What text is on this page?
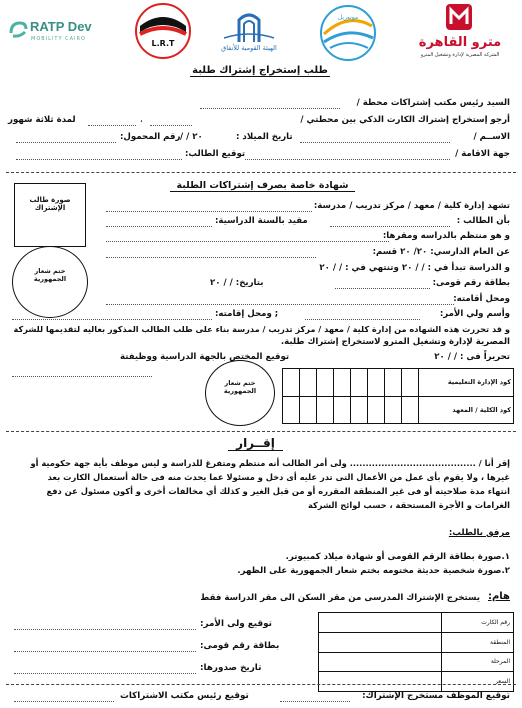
RATP Dev
MOBILITY CAIRO	L.R.T	الهيئة القومية للأنفاق
مونوريل
مترو القاهرة
الشركة المصرية لإدارة وتشغيل المترو
طلب إستخراج إشتراك طلبة
السيد رئيس مكتب إشتراكات محطة /
أرجو إستخراج إشتراك الكارت الذكي بين محطتي /
،
لمدة ثلاثة شهور
الاســم /
تاريخ الميلاد :
/ / ٢٠
رقم المحمول:
جهة الاقامة /
توقيع الطالب:
شهادة خاصة بصرف إشتراكات الطلبة
صورة طالب الإشتراك
ختم شعار الجمهورية
تشهد إدارة كلية / معهد / مركز تدريب / مدرسة:
بأن الطالب :
مقيد بالسنة الدراسية:
و هو منتظم بالدراسه ومقرها:
عن العام الدارسي: ٢٠/ ٢٠ قسم:
و الدراسة تبدأ في : / / ٢٠ وتنتهي في : / / ٢٠
بطاقة رقم قومى:
بتاريخ: / / ٢٠
ومحل أقامته:
وأسم ولي الأمر:
; ومحل إقامته:
و قد تحررت هذه الشهاده من إدارة كلية / معهد / مركز تدريب / مدرسة بناء على طلب الطالب المذكور بعاليه لتقديمها للشركة
المصرية لإدارة وتشغيل المترو لاستخراج إشتراك طلبة.
تحريراً فى : / / ٢٠
توقيع المختص بالجهة الدراسية ووظيفتة
ختم شعار الجمهورية
								كود الإدارة التعليمية
								كود الكلية / المعهد
إقــرار
إقر أنا / ........................................ ولى أمر الطالب أنه منتظم ومتفرغ للدراسة و ليس موظف بأية جهة حكومية أو
غيرها ، ولا يقوم بأى عمل من الأعمال التى تدر عليه أى دخل و مسئولا عما يحدث منه فى حالة أستعمال الكارت بعد
انتهاء مدة صلاحيته أو فى غير المنطقة المقرره أو من قبل الغير و كذلك أي مخالفات أخرى و أكون مسئول عن دفع
الغرامات و الأجرة المستحقة ، حسب لوائح الشركة
مرفق بالطلب:
١.صورة بطاقة الرقم القومى أو شهادة ميلاد كمبيوتر.
٢.صورة شخصية حديثة مختومه بختم شعار الجمهورية على الظهر.
هام:
يستخرج الإشتراك المدرسى من مقر السكن الى مقر الدراسة فقط
	رقم الكارت
	المنطقة
	المرحلة
	السعر
توقيع ولى الأمر:
بطاقة رقم قومى:
تاريخ صدورها:
توقيع الموظف مستخرج الإشتراك:
توقيع رئيس مكتب الاشتراكات
